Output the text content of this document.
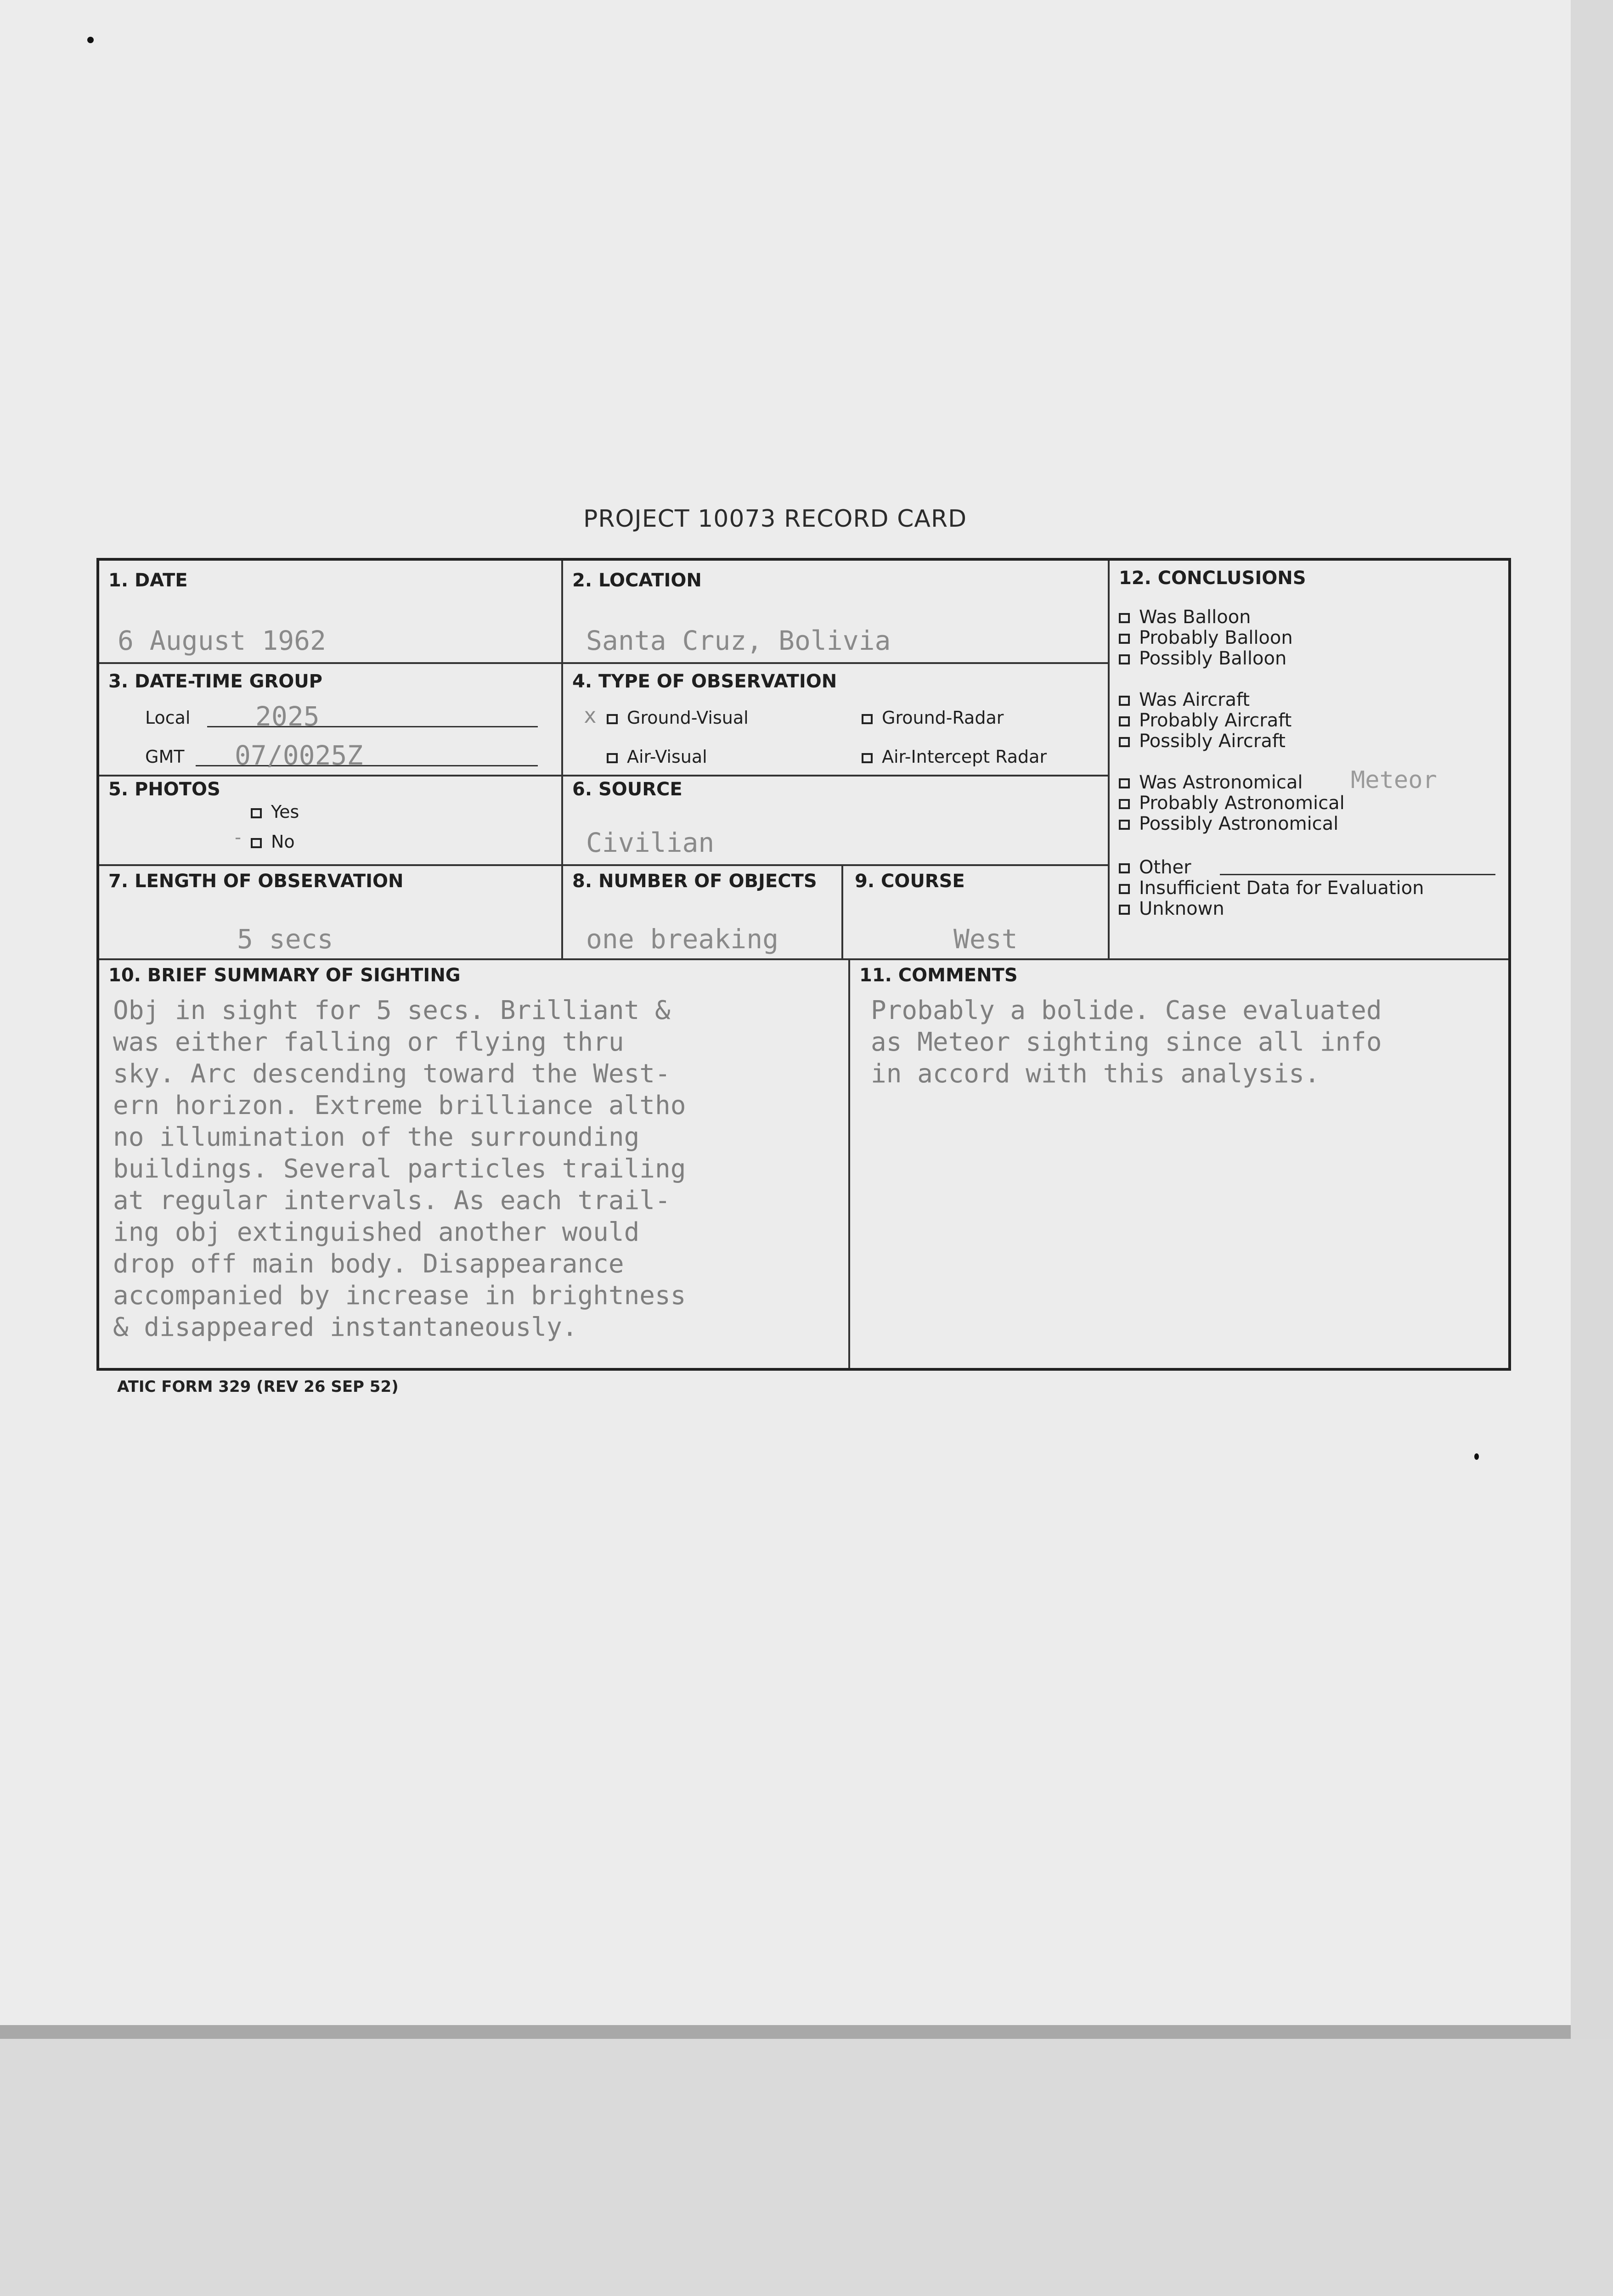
PROJECT 10073 RECORD CARD
1. DATE
6 August 1962
2. LOCATION
Santa Cruz, Bolivia
3. DATE-TIME GROUP
Local 2025
GMT 07/0025Z
4. TYPE OF OBSERVATION
x	Ground-Visual	Ground-Radar
Air-Visual	Air-Intercept Radar
5. PHOTOS
Yes
-	No
6. SOURCE
Civilian
7. LENGTH OF OBSERVATION
5 secs
8. NUMBER OF OBJECTS
one breaking
9. COURSE
West
12. CONCLUSIONS
Was Balloon
Probably Balloon
Possibly Balloon
Was Aircraft
Probably Aircraft
Possibly Aircraft
Was Astronomical Meteor
Probably Astronomical
Possibly Astronomical
Other
Insufficient Data for Evaluation
Unknown
10. BRIEF SUMMARY OF SIGHTING
Obj in sight for 5 secs. Brilliant &
was either falling or flying thru
sky. Arc descending toward the West-
ern horizon. Extreme brilliance altho
no illumination of the surrounding
buildings. Several particles trailing
at regular intervals. As each trail-
ing obj extinguished another would
drop off main body. Disappearance
accompanied by increase in brightness
& disappeared instantaneously.
11. COMMENTS
Probably a bolide. Case evaluated
as Meteor sighting since all info
in accord with this analysis.
ATIC FORM 329 (REV 26 SEP 52)
